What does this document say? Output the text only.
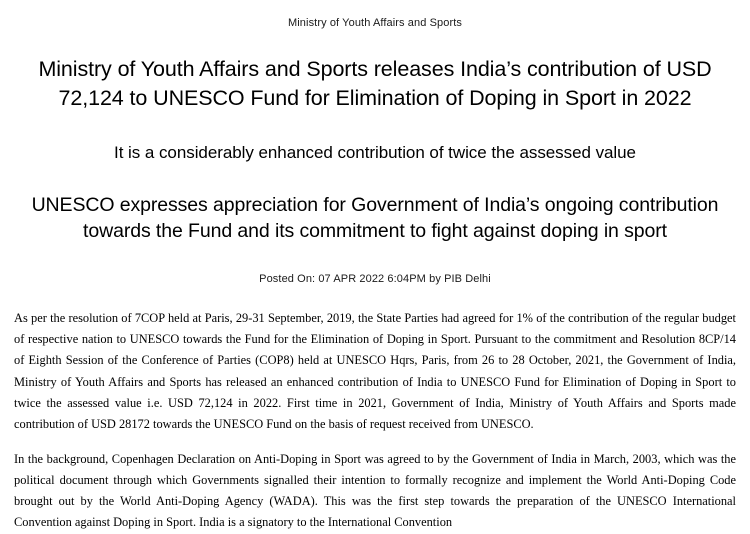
Ministry of Youth Affairs and Sports
Ministry of Youth Affairs and Sports releases India’s contribution of USD 72,124 to UNESCO Fund for Elimination of Doping in Sport in 2022
It is a considerably enhanced contribution of twice the assessed value
UNESCO expresses appreciation for Government of India’s ongoing contribution towards the Fund and its commitment to fight against doping in sport
Posted On: 07 APR 2022 6:04PM by PIB Delhi

As per the resolution of 7COP held at Paris, 29-31 September, 2019, the State Parties had agreed for 1% of the contribution of the regular budget of respective nation to UNESCO towards the Fund for the Elimination of Doping in Sport. Pursuant to the commitment and Resolution 8CP/14 of Eighth Session of the Conference of Parties (COP8) held at UNESCO Hqrs, Paris, from 26 to 28 October, 2021, the Government of India, Ministry of Youth Affairs and Sports has released an enhanced contribution of India to UNESCO Fund for Elimination of Doping in Sport to twice the assessed value i.e. USD 72,124 in 2022. First time in 2021, Government of India, Ministry of Youth Affairs and Sports made contribution of USD 28172 towards the UNESCO Fund on the basis of request received from UNESCO.

In the background, Copenhagen Declaration on Anti-Doping in Sport was agreed to by the Government of India in March, 2003, which was the political document through which Governments signalled their intention to formally recognize and implement the World Anti-Doping Code brought out by the World Anti-Doping Agency (WADA). This was the first step towards the preparation of the UNESCO International Convention against Doping in Sport. India is a signatory to the International Convention
